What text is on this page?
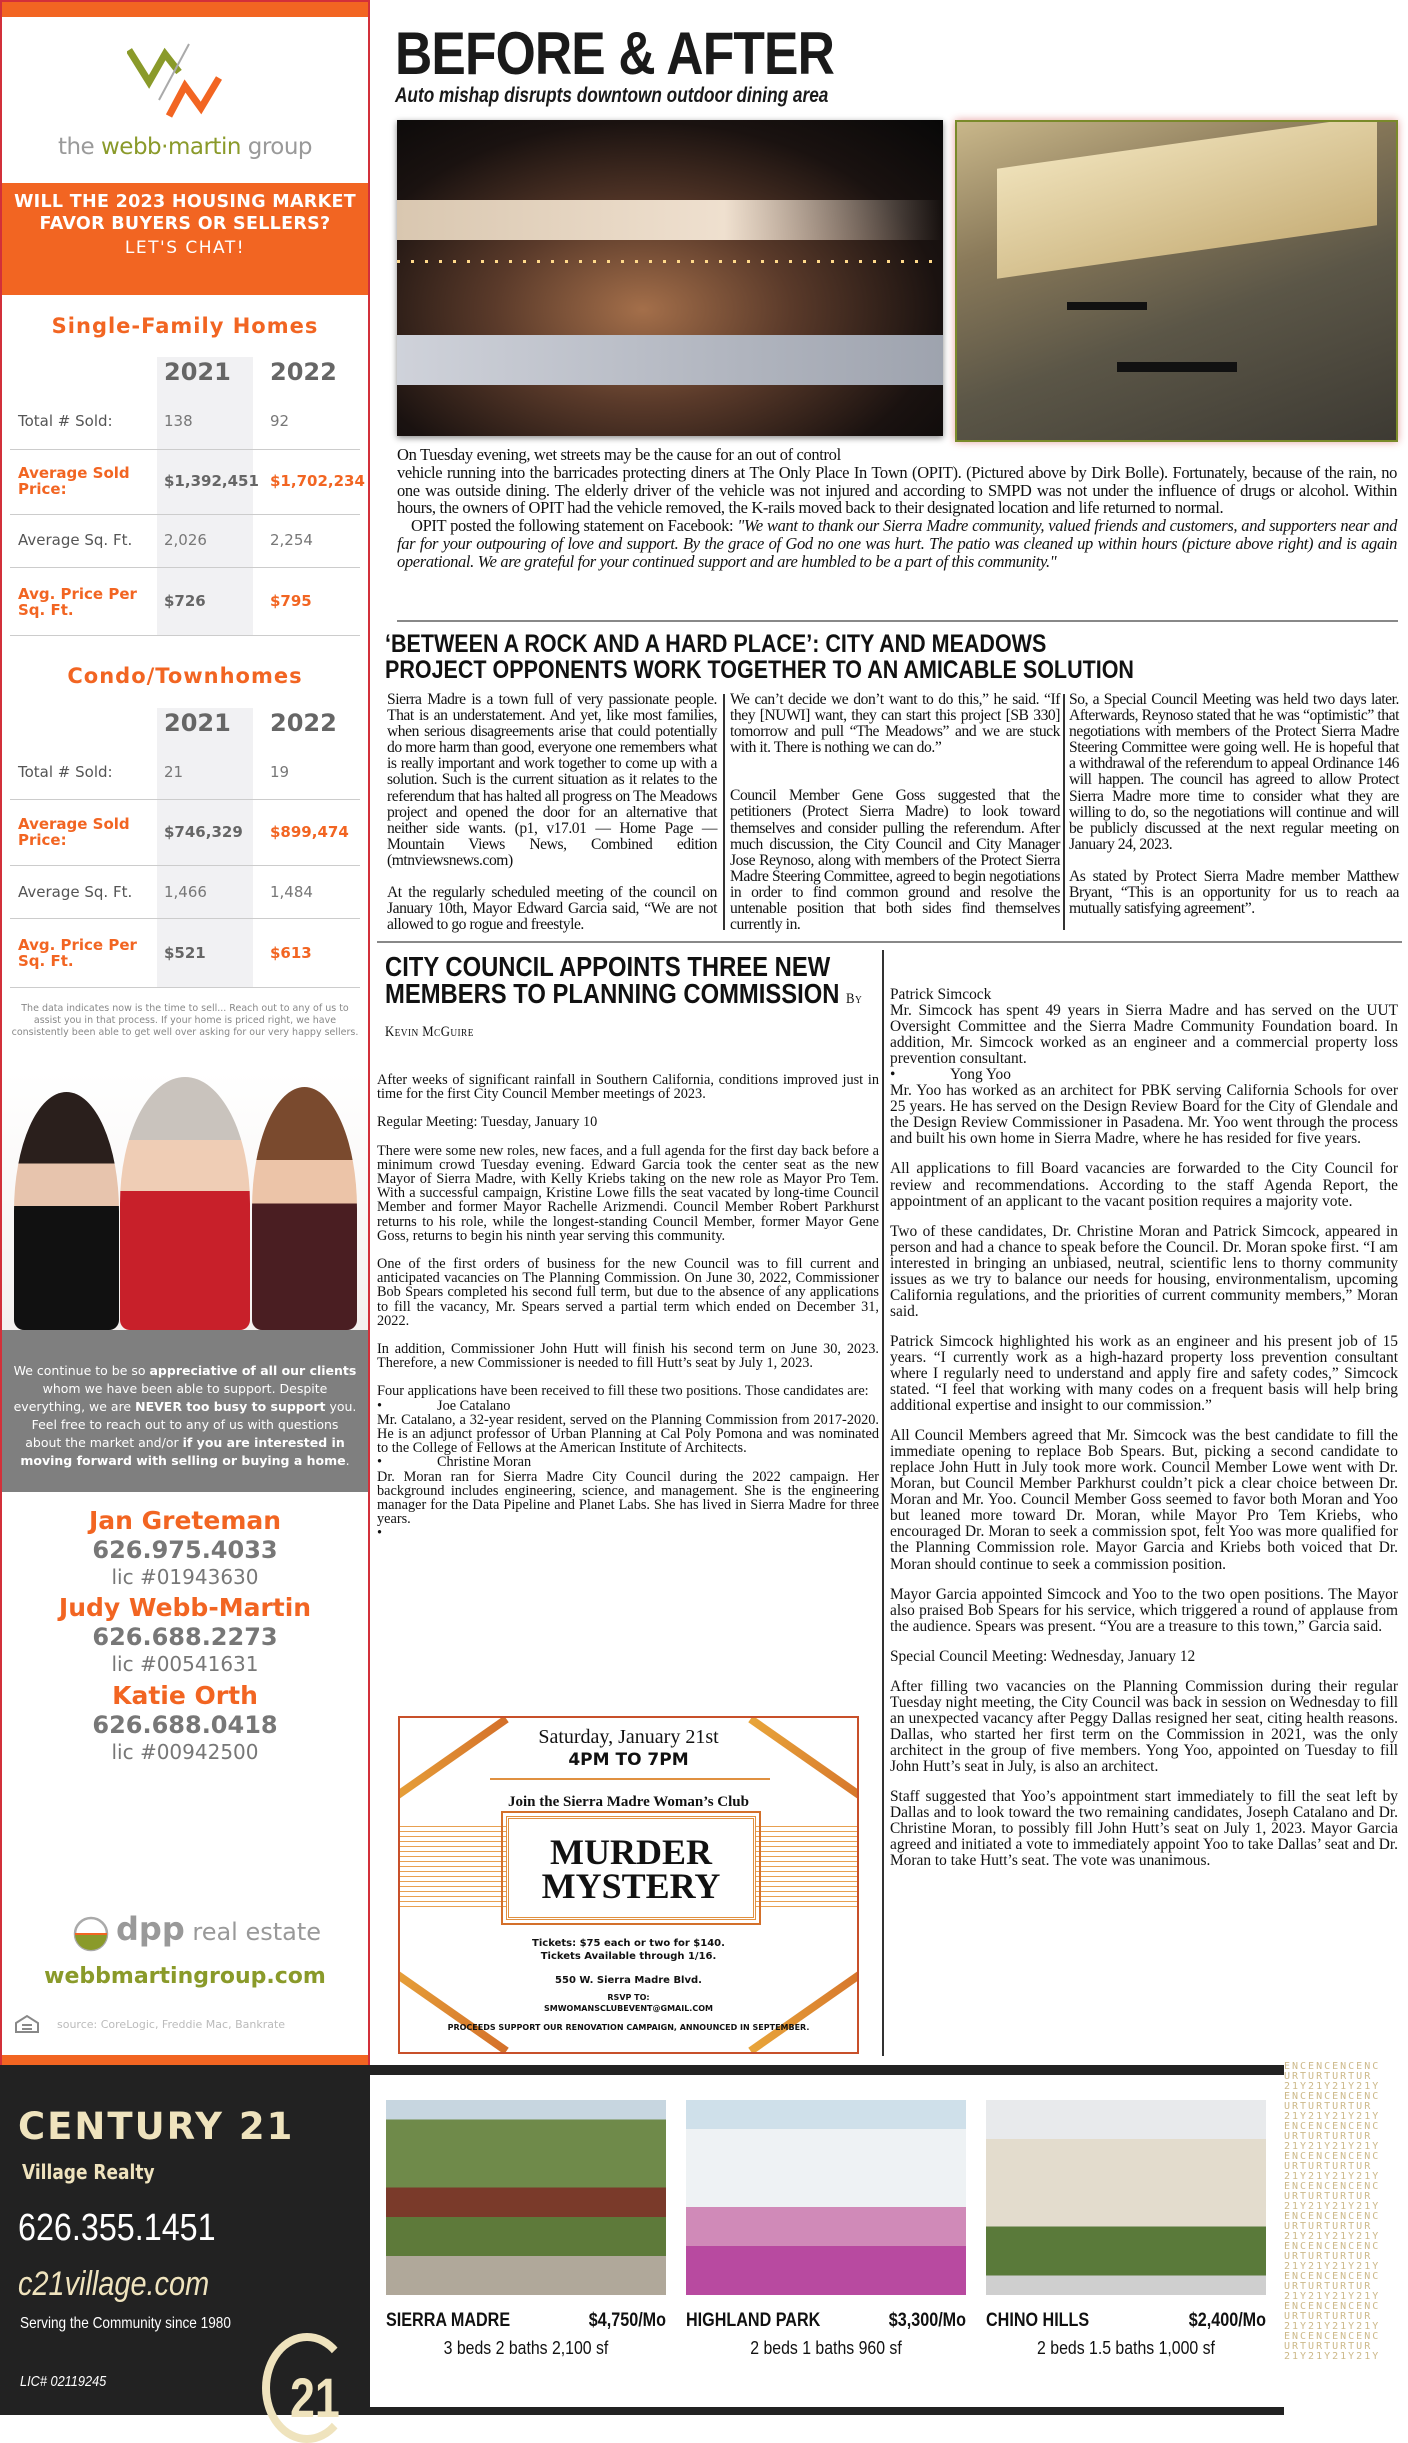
the webb·martin group
WILL THE 2023 HOUSING MARKET FAVOR BUYERS OR SELLERS?
LET'S CHAT!
Single-Family Homes
2021 2022
Total # Sold:	138	92
Average Sold Price:	$1,392,451 $1,702,234
Average Sq. Ft. 2,026	2,254
Avg. Price Per Sq. Ft.	$726	$795
Condo/Townhomes
2021 2022
Total # Sold:	21	19
Average Sold Price:	$746,329 $899,474
Average Sq. Ft. 1,466	1,484
Avg. Price Per Sq. Ft.	$521	$613
The data indicates now is the time to sell... Reach out to any of us to assist you in that process. If your home is priced right, we have consistently been able to get well over asking for our very happy sellers.
We continue to be so appreciative of all our clients whom we have been able to support. Despite everything, we are NEVER too busy to support you. Feel free to reach out to any of us with questions about the market and/or if you are interested in moving forward with selling or buying a home.
Jan Greteman
626.975.4033
lic #01943630
Judy Webb-Martin
626.688.2273
lic #00541631
Katie Orth
626.688.0418
lic #00942500
dpp real estate
webbmartingroup.com
source: CoreLogic, Freddie Mac, Bankrate
BEFORE & AFTER
Auto mishap disrupts downtown outdoor dining area
On Tuesday evening, wet streets may be the cause for an out of control
vehicle running into the barricades protecting diners at The Only Place In Town (OPIT). (Pictured above by Dirk Bolle). Fortunately, because of the rain, no one was outside dining. The elderly driver of the vehicle was not injured and according to SMPD was not under the influence of drugs or alcohol. Within hours, the owners of OPIT had the vehicle removed, the K-rails moved back to their designated location and life returned to normal.
OPIT posted the following statement on Facebook: "We want to thank our Sierra Madre community, valued friends and customers, and supporters near and far for your outpouring of love and support. By the grace of God no one was hurt. The patio was cleaned up within hours (picture above right) and is again operational. We are grateful for your continued support and are humbled to be a part of this community."
‘BETWEEN A ROCK AND A HARD PLACE’: CITY AND MEADOWS
PROJECT OPPONENTS WORK TOGETHER TO AN AMICABLE SOLUTION

Sierra Madre is a town full of very passionate people. That is an understatement. And yet, like most families, when serious disagreements arise that could potentially do more harm than good, everyone one remembers what is really important and work together to come up with a solution. Such is the current situation as it relates to the referendum that has halted all progress on The Meadows project and opened the door for an alternative that neither side wants. (p1, v17.01 — Home Page — Mountain Views News, Combined edition (mtnviewsnews.com)

At the regularly scheduled meeting of the council on January 10th, Mayor Edward Garcia said, “We are not allowed to go rogue and freestyle.

We can’t decide we don’t want to do this,” he said. “If they [NUWI] want, they can start this project [SB 330] tomorrow and pull “The Meadows” and we are stuck with it. There is nothing we can do.”

Council Member Gene Goss suggested that the petitioners (Protect Sierra Madre) to look toward themselves and consider pulling the referendum. After much discussion, the City Council and City Manager Jose Reynoso, along with members of the Protect Sierra Madre Steering Committee, agreed to begin negotiations in order to find common ground and resolve the untenable position that both sides find themselves currently in.

So, a Special Council Meeting was held two days later. Afterwards, Reynoso stated that he was “optimistic” that negotiations with members of the Protect Sierra Madre Steering Committee were going well. He is hopeful that a withdrawal of the referendum to appeal Ordinance 146 will happen. The council has agreed to allow Protect Sierra Madre more time to consider what they are willing to do, so the negotiations will continue and will be publicly discussed at the next regular meeting on January 24, 2023.

As stated by Protect Sierra Madre member Matthew Bryant, “This is an opportunity for us to reach aa mutually satisfying agreement”.

CITY COUNCIL APPOINTS THREE NEW MEMBERS TO PLANNING COMMISSION By Kevin McGuire

After weeks of significant rainfall in Southern California, conditions improved just in time for the first City Council Member meetings of 2023.

Regular Meeting: Tuesday, January 10

There were some new roles, new faces, and a full agenda for the first day back before a minimum crowd Tuesday evening. Edward Garcia took the center seat as the new Mayor of Sierra Madre, with Kelly Kriebs taking on the new role as Mayor Pro Tem. With a successful campaign, Kristine Lowe fills the seat vacated by long-time Council Member and former Mayor Rachelle Arizmendi. Council Member Robert Parkhurst returns to his role, while the longest-standing Council Member, former Mayor Gene Goss, returns to begin his ninth year serving this community.

One of the first orders of business for the new Council was to fill current and anticipated vacancies on The Planning Commission. On June 30, 2022, Commissioner Bob Spears completed his second full term, but due to the absence of any applications to fill the vacancy, Mr. Spears served a partial term which ended on December 31, 2022.

In addition, Commissioner John Hutt will finish his second term on June 30, 2023. Therefore, a new Commissioner is needed to fill Hutt’s seat by July 1, 2023.

Four applications have been received to fill these two positions. Those candidates are:

•	Joe Catalano

Mr. Catalano, a 32-year resident, served on the Planning Commission from 2017-2020. He is an adjunct professor of Urban Planning at Cal Poly Pomona and was nominated to the College of Fellows at the American Institute of Architects.

•	Christine Moran

Dr. Moran ran for Sierra Madre City Council during the 2022 campaign. Her background includes engineering, science, and management. She is the engineering manager for the Data Pipeline and Planet Labs. She has lived in Sierra Madre for three years.

•

Patrick Simcock

Mr. Simcock has spent 49 years in Sierra Madre and has served on the UUT Oversight Committee and the Sierra Madre Community Foundation board. In addition, Mr. Simcock worked as an engineer and a commercial property loss prevention consultant.

•	Yong Yoo

Mr. Yoo has worked as an architect for PBK serving California Schools for over 25 years. He has served on the Design Review Board for the City of Glendale and the Design Review Commissioner in Pasadena. Mr. Yoo went through the process and built his own home in Sierra Madre, where he has resided for five years.

All applications to fill Board vacancies are forwarded to the City Council for review and recommendations. According to the staff Agenda Report, the appointment of an applicant to the vacant position requires a majority vote.

Two of these candidates, Dr. Christine Moran and Patrick Simcock, appeared in person and had a chance to speak before the Council. Dr. Moran spoke first. “I am interested in bringing an unbiased, neutral, scientific lens to thorny community issues as we try to balance our needs for housing, environmentalism, upcoming California regulations, and the priorities of current community members,” Moran said.

Patrick Simcock highlighted his work as an engineer and his present job of 15 years. “I currently work as a high-hazard property loss prevention consultant where I regularly need to understand and apply fire and safety codes,” Simcock stated. “I feel that working with many codes on a frequent basis will help bring additional expertise and insight to our commission.”

All Council Members agreed that Mr. Simcock was the best candidate to fill the immediate opening to replace Bob Spears. But, picking a second candidate to replace John Hutt in July took more work. Council Member Lowe went with Dr. Moran, but Council Member Parkhurst couldn’t pick a clear choice between Dr. Moran and Mr. Yoo. Council Member Goss seemed to favor both Moran and Yoo but leaned more toward Dr. Moran, while Mayor Pro Tem Kriebs, who encouraged Dr. Moran to seek a commission spot, felt Yoo was more qualified for the Planning Commission role. Mayor Garcia and Kriebs both voiced that Dr. Moran should continue to seek a commission position.

Mayor Garcia appointed Simcock and Yoo to the two open positions. The Mayor also praised Bob Spears for his service, which triggered a round of applause from the audience. Spears was present. “You are a treasure to this town,” Garcia said.

Special Council Meeting: Wednesday, January 12

After filling two vacancies on the Planning Commission during their regular Tuesday night meeting, the City Council was back in session on Wednesday to fill an unexpected vacancy after Peggy Dallas resigned her seat, citing health reasons. Dallas, who started her first term on the Commission in 2021, was the only architect in the group of five members. Yong Yoo, appointed on Tuesday to fill John Hutt’s seat in July, is also an architect.

Staff suggested that Yoo’s appointment start immediately to fill the seat left by Dallas and to look toward the two remaining candidates, Joseph Catalano and Dr. Christine Moran, to possibly fill John Hutt’s seat on July 1, 2023. Mayor Garcia agreed and initiated a vote to immediately appoint Yoo to take Dallas’ seat and Dr. Moran to take Hutt’s seat. The vote was unanimous.

Saturday, January 21st
4PM TO 7PM
Join the Sierra Madre Woman’s Club
MURDER
MYSTERY
Tickets: $75 each or two for $140.
Tickets Available through 1/16.
550 W. Sierra Madre Blvd.
RSVP TO:
SMWOMANSCLUBEVENT@GMAIL.COM
PROCEEDS SUPPORT OUR RENOVATION CAMPAIGN, ANNOUNCED IN SEPTEMBER.
CENTURY 21
Village Realty
626.355.1451
c21village.com
Serving the Community since 1980
LIC# 02119245	21
ENCENCENCENC
URTURTURTUR
21Y21Y21Y21Y
ENCENCENCENC
URTURTURTUR
21Y21Y21Y21Y
ENCENCENCENC
URTURTURTUR
21Y21Y21Y21Y
ENCENCENCENC
URTURTURTUR
21Y21Y21Y21Y
ENCENCENCENC
URTURTURTUR
21Y21Y21Y21Y
ENCENCENCENC
URTURTURTUR
21Y21Y21Y21Y
ENCENCENCENC
URTURTURTUR
21Y21Y21Y21Y
ENCENCENCENC
URTURTURTUR
21Y21Y21Y21Y
ENCENCENCENC
URTURTURTUR
21Y21Y21Y21Y
ENCENCENCENC
URTURTURTUR
21Y21Y21Y21Y
SIERRA MADRE	$4,750/Mo
3 beds 2 baths 2,100 sf
HIGHLAND PARK	$3,300/Mo
2 beds 1 baths 960 sf
CHINO HILLS	$2,400/Mo
2 beds 1.5 baths 1,000 sf
